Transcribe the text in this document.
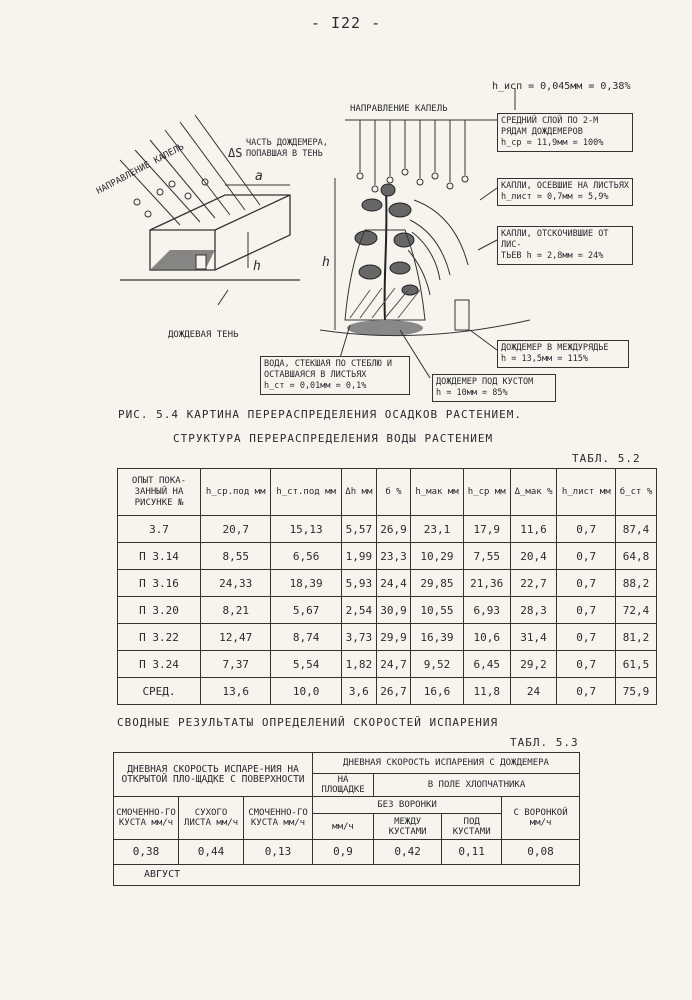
- I22 -
НАПРАВЛЕНИЕ КАПЕЛЬ	ΔS
ЧАСТЬ ДОЖДЕМЕРА,
ПОПАВШАЯ В ТЕНЬ
a
h	h
ДОЖДЕВАЯ ТЕНЬ
НАПРАВЛЕНИЕ КАПЕЛЬ
h_исп = 0,045мм = 0,38%
СРЕДНИЙ СЛОЙ ПО 2-М
РЯДАМ ДОЖДЕМЕРОВ
h_ср = 11,9мм = 100%
КАПЛИ, ОСЕВШИЕ НА ЛИСТЬЯХ
h_лист = 0,7мм = 5,9%
КАПЛИ, ОТСКОЧИВШИЕ ОТ ЛИС-
ТЬЕВ h = 2,8мм = 24%
ДОЖДЕМЕР В МЕЖДУРЯДЬЕ
h = 13,5мм = 115%
ВОДА, СТЕКШАЯ ПО СТЕБЛЮ И
ОСТАВШАЯСЯ В ЛИСТЬЯХ
h_ст = 0,01мм = 0,1%	ДОЖДЕМЕР ПОД КУСТОМ
h = 10мм = 85%
РИС. 5.4 КАРТИНА ПЕРЕРАСПРЕДЕЛЕНИЯ ОСАДКОВ РАСТЕНИЕМ.
СТРУКТУРА ПЕРЕРАСПРЕДЕЛЕНИЯ ВОДЫ РАСТЕНИЕМ
ТАБЛ. 5.2
ОПЫТ ПОКА-ЗАННЫЙ НА РИСУНКЕ №	h_ср.под мм	h_ст.под мм	Δh мм	б %	h_мак мм	h_ср мм	Δ_мак %	h_лист мм	б_ст %
3.7	20,7	15,13	5,57	26,9	23,1	17,9	11,6	0,7	87,4
П 3.14	8,55	6,56	1,99	23,3	10,29	7,55	20,4	0,7	64,8
П 3.16	24,33	18,39	5,93	24,4	29,85	21,36	22,7	0,7	88,2
П 3.20	8,21	5,67	2,54	30,9	10,55	6,93	28,3	0,7	72,4
П 3.22	12,47	8,74	3,73	29,9	16,39	10,6	31,4	0,7	81,2
П 3.24	7,37	5,54	1,82	24,7	9,52	6,45	29,2	0,7	61,5
СРЕД.	13,6	10,0	3,6	26,7	16,6	11,8	24	0,7	75,9
СВОДНЫЕ РЕЗУЛЬТАТЫ ОПРЕДЕЛЕНИЙ СКОРОСТЕЙ ИСПАРЕНИЯ
ТАБЛ. 5.3
ДНЕВНАЯ СКОРОСТЬ ИСПАРЕ-НИЯ НА ОТКРЫТОЙ ПЛО-ЩАДКЕ С ПОВЕРХНОСТИ			ДНЕВНАЯ СКОРОСТЬ ИСПАРЕНИЯ С ДОЖДЕМЕРА			
			НА ПЛОЩАДКЕ	В ПОЛЕ ХЛОПЧАТНИКА		
СМОЧЕННО-ГО КУСТА мм/ч	СУХОГО ЛИСТА мм/ч	СМОЧЕННО-ГО КУСТА мм/ч	БЕЗ ВОРОНКИ			С ВОРОНКОЙ мм/ч
			мм/ч	МЕЖДУ КУСТАМИ	ПОД КУСТАМИ	
0,38	0,44	0,13	0,9	0,42	0,11	0,08
АВГУСТ						
